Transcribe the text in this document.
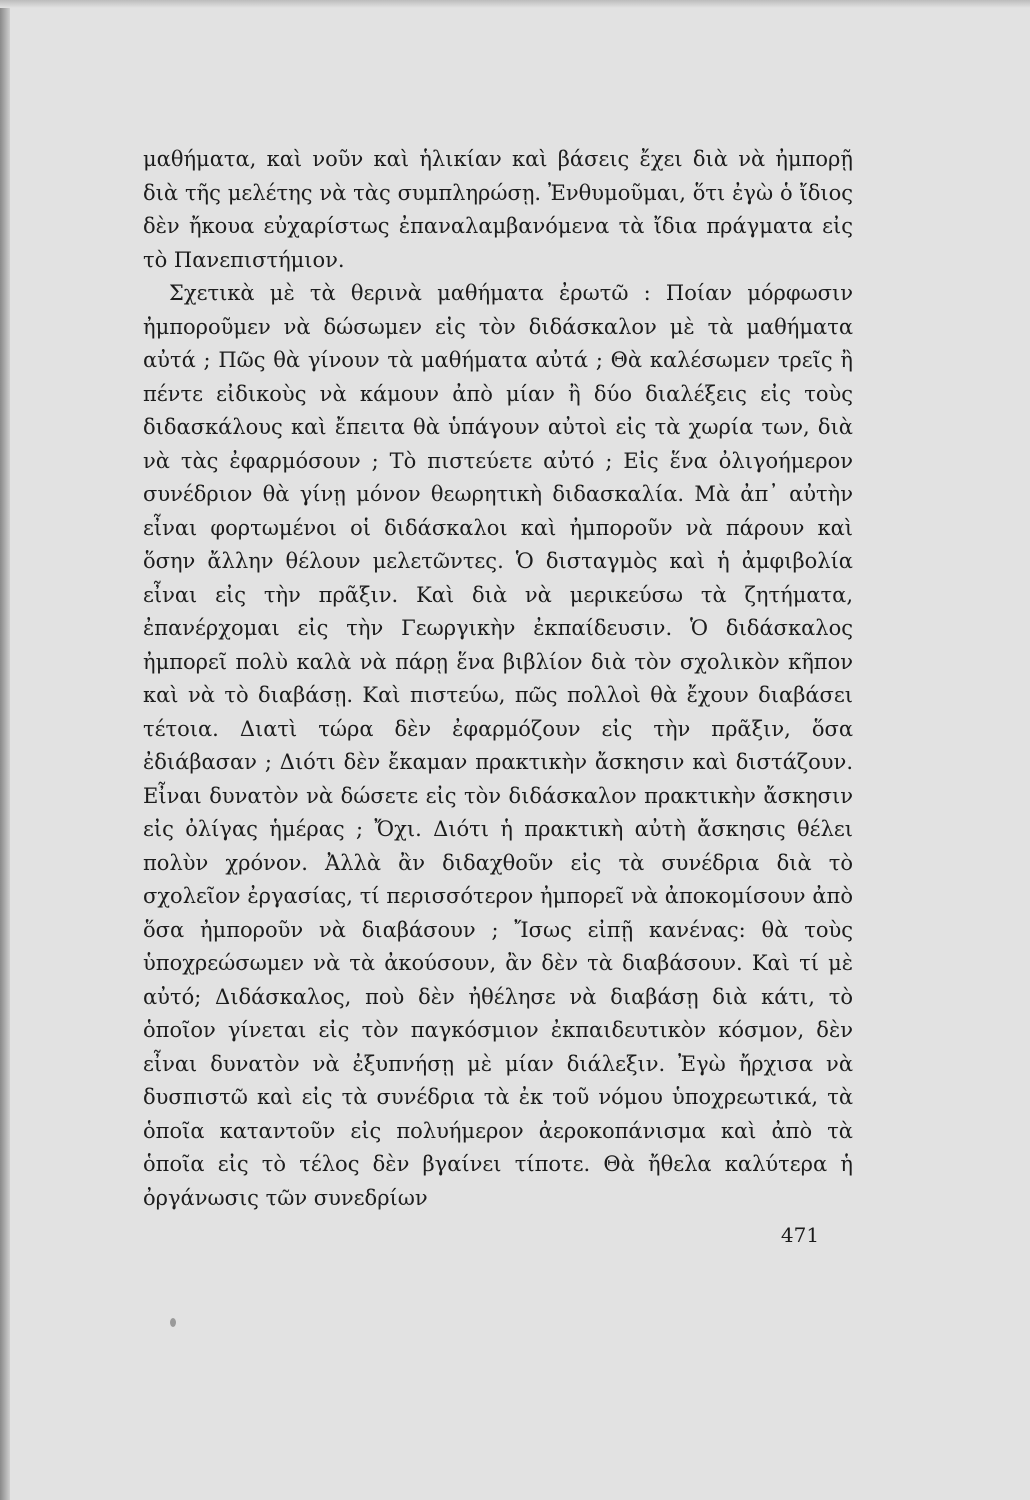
μαθήματα, καὶ νοῦν καὶ ἡλικίαν καὶ βάσεις ἔχει διὰ νὰ ἠμπορῇ διὰ τῆς μελέτης νὰ τὰς συμπληρώσῃ. Ἐνθυμοῦμαι, ὅτι ἐγὼ ὁ ἴδιος δὲν ἤκουα εὐχαρίστως ἐπαναλαμβανόμενα τὰ ἴδια πράγματα εἰς τὸ Πανεπιστήμιον.

Σχετικὰ μὲ τὰ θερινὰ μαθήματα ἐρωτῶ : Ποίαν μόρφωσιν ἠμποροῦμεν νὰ δώσωμεν εἰς τὸν διδάσκαλον μὲ τὰ μαθήματα αὐτά ; Πῶς θὰ γίνουν τὰ μαθήματα αὐτά ; Θὰ καλέσωμεν τρεῖς ἢ πέντε εἰδικοὺς νὰ κάμουν ἀπὸ μίαν ἢ δύο διαλέξεις εἰς τοὺς διδασκάλους καὶ ἔπειτα θὰ ὑπάγουν αὐτοὶ εἰς τὰ χωρία των, διὰ νὰ τὰς ἐφαρμόσουν ; Τὸ πιστεύετε αὐτό ; Εἰς ἕνα ὀλιγοήμερον συνέδριον θὰ γίνῃ μόνον θεωρητικὴ διδασκαλία. Μὰ ἀπ᾽ αὐτὴν εἶναι φορτωμένοι οἱ διδάσκαλοι καὶ ἠμποροῦν νὰ πάρουν καὶ ὅσην ἄλλην θέλουν μελετῶντες. Ὁ δισταγμὸς καὶ ἡ ἀμφιβολία εἶναι εἰς τὴν πρᾶξιν. Καὶ διὰ νὰ μερικεύσω τὰ ζητήματα, ἐπανέρχομαι εἰς τὴν Γεωργικὴν ἐκπαίδευσιν. Ὁ διδάσκαλος ἠμπορεῖ πολὺ καλὰ νὰ πάρῃ ἕνα βιβλίον διὰ τὸν σχολικὸν κῆπον καὶ νὰ τὸ διαβάσῃ. Καὶ πιστεύω, πῶς πολλοὶ θὰ ἔχουν διαβάσει τέτοια. Διατὶ τώρα δὲν ἐφαρμόζουν εἰς τὴν πρᾶξιν, ὅσα ἐδιάβασαν ; Διότι δὲν ἔκαμαν πρακτικὴν ἄσκησιν καὶ διστάζουν. Εἶναι δυνατὸν νὰ δώσετε εἰς τὸν διδάσκαλον πρακτικὴν ἄσκησιν εἰς ὀλίγας ἡμέρας ; Ὄχι. Διότι ἡ πρακτικὴ αὐτὴ ἄσκησις θέλει πολὺν χρόνον. Ἀλλὰ ἂν διδαχθοῦν εἰς τὰ συνέδρια διὰ τὸ σχολεῖον ἐργασίας, τί περισσότερον ἠμπορεῖ νὰ ἀποκομίσουν ἀπὸ ὅσα ἠμποροῦν νὰ διαβάσουν ; Ἴσως εἰπῇ κανένας: θὰ τοὺς ὑποχρεώσωμεν νὰ τὰ ἀκούσουν, ἂν δὲν τὰ διαβάσουν. Καὶ τί μὲ αὐτό; Διδάσκαλος, ποὺ δὲν ἠθέλησε νὰ διαβάσῃ διὰ κάτι, τὸ ὁποῖον γίνεται εἰς τὸν παγκόσμιον ἐκπαιδευτικὸν κόσμον, δὲν εἶναι δυνατὸν νὰ ἐξυπνήσῃ μὲ μίαν διάλεξιν. Ἐγὼ ἤρχισα νὰ δυσπιστῶ καὶ εἰς τὰ συνέδρια τὰ ἐκ τοῦ νόμου ὑποχρεωτικά, τὰ ὁποῖα καταντοῦν εἰς πολυήμερον ἀεροκοπάνισμα καὶ ἀπὸ τὰ ὁποῖα εἰς τὸ τέλος δὲν βγαίνει τίποτε. Θὰ ἤθελα καλύτερα ἡ ὀργάνωσις τῶν συνεδρίων

471
